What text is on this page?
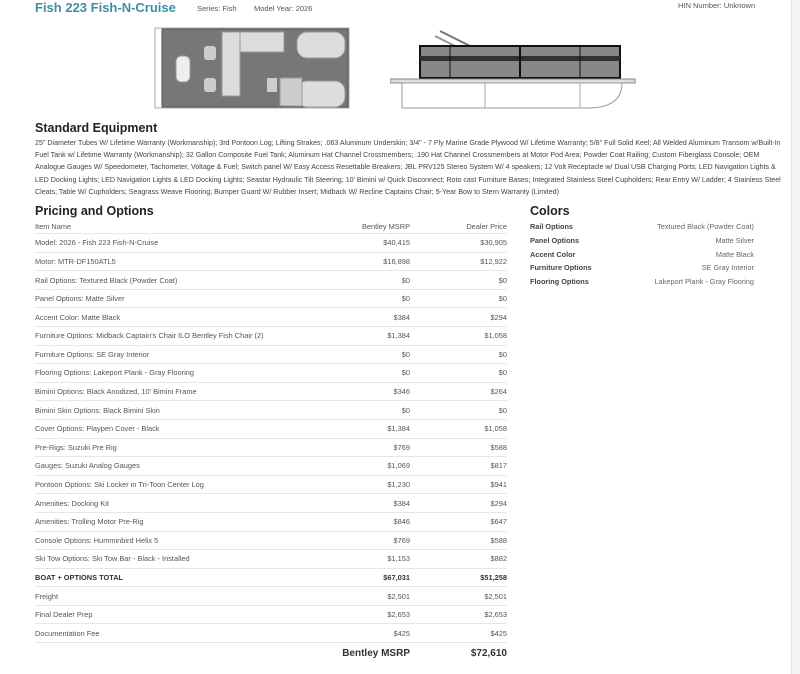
Fish 223 Fish-N-Cruise	Series: Fish Model Year: 2026	HIN Number: Unknown
Standard Equipment
25" Diameter Tubes W/ Lifetime Warranty (Workmanship); 3rd Pontoon Log; Lifting Strakes; .063 Aluminum Underskin; 3/4" - 7 Ply Marine Grade Plywood W/ Lifetime Warranty; 5/8" Full Solid Keel; All Welded Aluminum Transom w/Built-In Fuel Tank w/ Lifetime Warranty (Workmanship); 32 Gallon Composite Fuel Tank; Aluminum Hat Channel Crossmembers; .190 Hat Channel Crossmembers at Motor Pod Area; Powder Coat Railing; Custom Fiberglass Console; OEM Analogue Gauges W/ Speedometer, Tachometer, Voltage & Fuel; Switch panel W/ Easy Access Resettable Breakers; JBL PRV125 Stereo System W/ 4 speakers; 12 Volt Receptacle w/ Dual USB Charging Ports; LED Navigation Lights & LED Docking Lights; LED Navigation Lights & LED Docking Lights; Seastar Hydraulic Tilt Steering; 10' Bimini w/ Quick Disconnect; Roto cast Furniture Bases; Integrated Stainless Steel Cupholders; Rear Entry W/ Ladder; 4 Stainless Steel Cleats; Table W/ Cupholders; Seagrass Weave Flooring; Bumper Guard W/ Rubber Insert; Midback W/ Recline Captains Chair; 5-Year Bow to Stern Warranty (Limited)
Pricing and Options
Item Name	Bentley MSRP	Dealer Price
Model: 2026 - Fish 223 Fish-N-Cruise	$40,415	$30,905
Motor: MTR-DF150ATL5	$16,898	$12,922
Rail Options: Textured Black (Powder Coat)	$0	$0
Panel Options: Matte Silver	$0	$0
Accent Color: Matte Black	$384	$294
Furniture Options: Midback Captain's Chair ILO Bentley Fish Chair (2)	$1,384	$1,058
Furniture Options: SE Gray Interior	$0	$0
Flooring Options: Lakeport Plank - Gray Flooring	$0	$0
Bimini Options: Black Anodized, 10' Bimini Frame	$346	$264
Bimini Skin Options: Black Bimini Skin	$0	$0
Cover Options: Playpen Cover - Black	$1,384	$1,058
Pre-Rigs: Suzuki Pre Rig	$769	$588
Gauges: Suzuki Analog Gauges	$1,069	$817
Pontoon Options: Ski Locker in Tri-Toon Center Log	$1,230	$941
Amenities: Docking Kit	$384	$294
Amenities: Trolling Motor Pre-Rig	$846	$647
Console Options: Humminbird Helix 5	$769	$588
Ski Tow Options: Ski Tow Bar - Black - Installed	$1,153	$882
BOAT + OPTIONS TOTAL	$67,031	$51,258
Freight	$2,501	$2,501
Final Dealer Prep	$2,653	$2,653
Documentation Fee	$425	$425
Bentley MSRP	$72,610
Colors
Rail Options	Textured Black (Powder Coat)
Panel Options	Matte Silver
Accent Color	Matte Black
Furniture Options	SE Gray Interior
Flooring Options	Lakeport Plank - Gray Flooring
